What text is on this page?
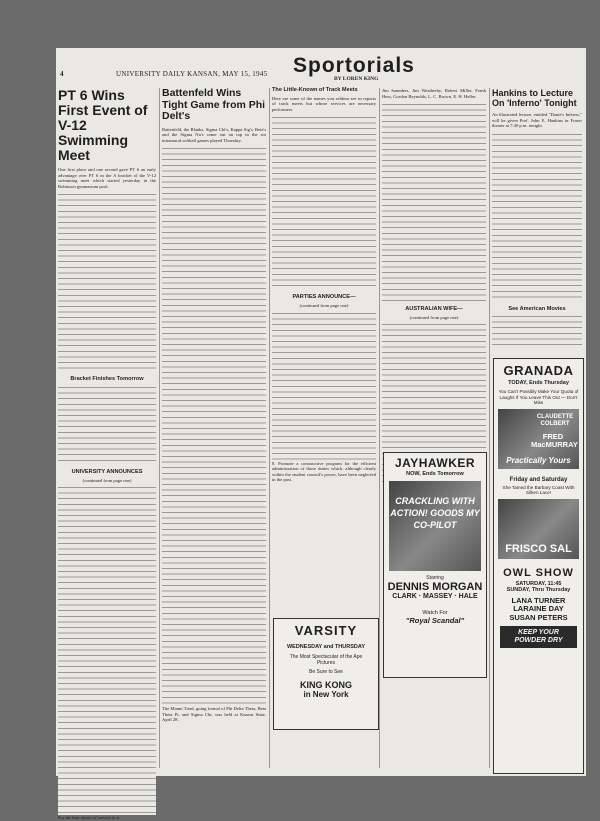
4	UNIVERSITY DAILY KANSAN, MAY 15, 1945 Sportorials
BY LOREN KING
PT 6 Wins First Event of V-12 Swimming Meet

One first place and one second gave PT 6 an early advantage over PT 6 in the A bracket of the V-12 swimming meet which started yesterday in the Robinson gymnasium pool.

Bracket Finishes Tomorrow
UNIVERSITY ANNOUNCES
(continued from page one)

For the best report of service to a

Battenfeld Wins Tight Game from Phi Delt's

Battenfeld, the Blanks, Sigma Chi's, Kappa Sig's, Beta's and the Sigma Nu's come out on top in the six intramural softball games played Thursday.

The Miami Triad, going formal of Phi Delta Theta, Beta Theta Pi, and Sigma Chi, was held at Kansas State, April 28.

The Little-Known of Track Meets

Here are some of the names you seldom see in reports of track meets but whose services are necessary performers.

PARTIES ANNOUNCE—
(continued from page one)

8. Promote a constructive program for the efficient administration of those duties which, although clearly within the student council's power, have been neglected in the past.

Jim Saunders, Jim Weatherby, Robert Miller, Frank Hess, Gordon Reynolds, L. C. Brown, E. H. Heller.

AUSTRALIAN WIFE—
(continued from page one)
Hankins to Lecture On 'Inferno' Tonight

An illustrated lecture, entitled "Dante's Inferno," will be given Prof. John E. Hankins in Fraser theater at 7:30 p.m. tonight.

See American Movies
JAYHAWKER
NOW, Ends Tomorrow
CRACKLING WITH ACTION! GOODS MY CO-PILOT
Starring
DENNIS MORGAN
CLARK · MASSEY · HALE
Watch For
"Royal Scandal"
VARSITY
WEDNESDAY and THURSDAY
The Most Spectacular of the Ape Pictures
Be Sure to See
KING KONG
in New York
GRANADA
TODAY, Ends Thursday
You Can't Possibly Make Your Quota of Laughs If You Leave This Out — Don't Miss
CLAUDETTE COLBERT
FRED MacMURRAY
Practically Yours
Friday and Saturday
She Tamed the Barbary Coast With Silken Lace!
FRISCO SAL
OWL SHOW
SATURDAY, 11:45
SUNDAY, Thru Thursday
LANA TURNER
LARAINE DAY
SUSAN PETERS
KEEP YOUR POWDER DRY
